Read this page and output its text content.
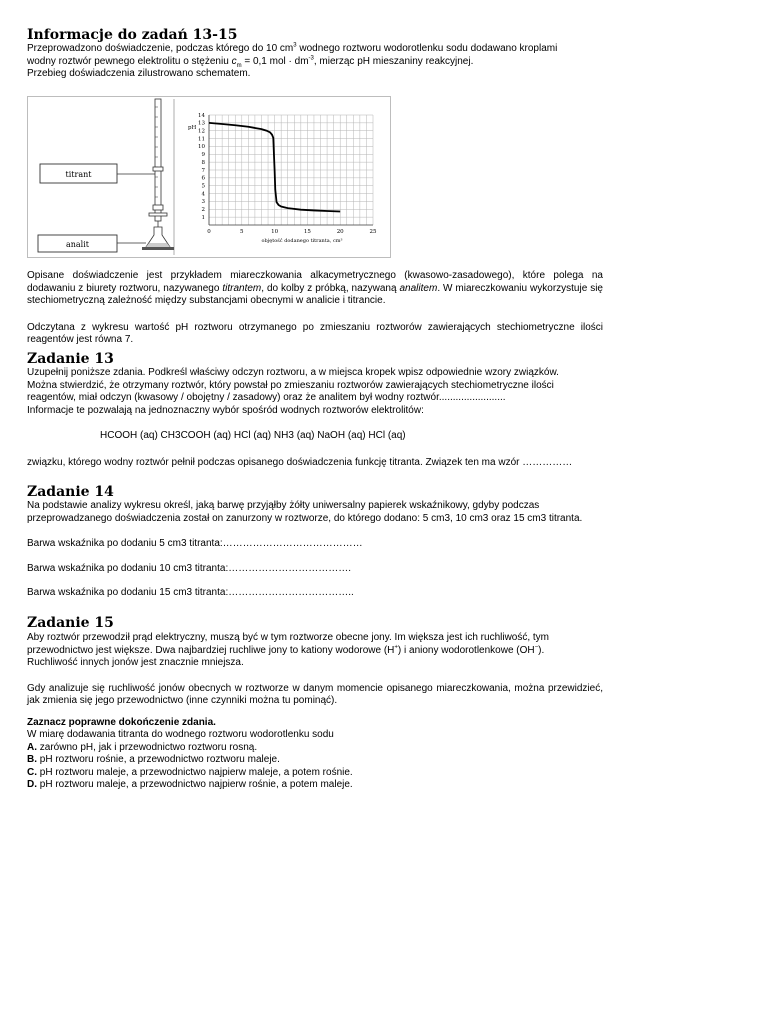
Informacje do zadań 13-15

Przeprowadzono doświadczenie, podczas którego do 10 $cm^3$ wodnego roztworu wodorotlenku sodu dodawano kroplami
wodny roztwór pewnego elektrolitu o stężeniu $c_m = 0,1$ mol · $dm^{-3}$, mierząc pH mieszaniny reakcyjnej.

Przebieg doświadczenia zilustrowano schematem.

titrant
analit
1
2
3
4
5
6
7
8
9
10
11
12
13
14
0	5	10	15	20	25
pH
objętość dodanego titranta, cm³

Opisane doświadczenie jest przykładem miareczkowania alkacymetrycznego (kwasowo-zasadowego), które polega na dodawaniu z biurety roztworu, nazywanego titrantem, do kolby z próbką, nazywaną analitem. W miareczkowaniu wykorzystuje się stechiometryczną zależność między substancjami obecnymi w analicie i titrancie.

Odczytana z wykresu wartość pH roztworu otrzymanego po zmieszaniu roztworów zawierających stechiometryczne ilości reagentów jest równa 7.

Zadanie 13

Uzupełnij poniższe zdania. Podkreśl właściwy odczyn roztworu, a w miejsca kropek wpisz odpowiednie wzory związków.

Można stwierdzić, że otrzymany roztwór, który powstał po zmieszaniu roztworów zawierających stechiometryczne ilości

reagentów, miał odczyn (kwasowy / obojętny / zasadowy) oraz że analitem był wodny roztwór........................

Informacje te pozwalają na jednoznaczny wybór spośród wodnych roztworów elektrolitów:

HCOOH (aq) CH3COOH (aq) HCl (aq) NH3 (aq) NaOH (aq) HCl (aq)

związku, którego wodny roztwór pełnił podczas opisanego doświadczenia funkcję titranta. Związek ten ma wzór ……………

Zadanie 14

Na podstawie analizy wykresu określ, jaką barwę przyjąłby żółty uniwersalny papierek wskaźnikowy, gdyby podczas

przeprowadzanego doświadczenia został on zanurzony w roztworze, do którego dodano: 5 cm3, 10 cm3 oraz 15 cm3 titranta.

Barwa wskaźnika po dodaniu 5 cm3 titranta:……………………………………

Barwa wskaźnika po dodaniu 10 cm3 titranta:……………………………….

Barwa wskaźnika po dodaniu 15 cm3 titranta:………………………………..

Zadanie 15

Aby roztwór przewodził prąd elektryczny, muszą być w tym roztworze obecne jony. Im większa jest ich ruchliwość, tym

przewodnictwo jest większe. Dwa najbardziej ruchliwe jony to kationy wodorowe (H+) i aniony wodorotlenkowe (OH−).

Ruchliwość innych jonów jest znacznie mniejsza.

Gdy analizuje się ruchliwość jonów obecnych w roztworze w danym momencie opisanego miareczkowania, można przewidzieć, jak zmienia się jego przewodnictwo (inne czynniki można tu pominąć).

Zaznacz poprawne dokończenie zdania.

W miarę dodawania titranta do wodnego roztworu wodorotlenku sodu

A. zarówno pH, jak i przewodnictwo roztworu rosną.

B. pH roztworu rośnie, a przewodnictwo roztworu maleje.

C. pH roztworu maleje, a przewodnictwo najpierw maleje, a potem rośnie.

D. pH roztworu maleje, a przewodnictwo najpierw rośnie, a potem maleje.
